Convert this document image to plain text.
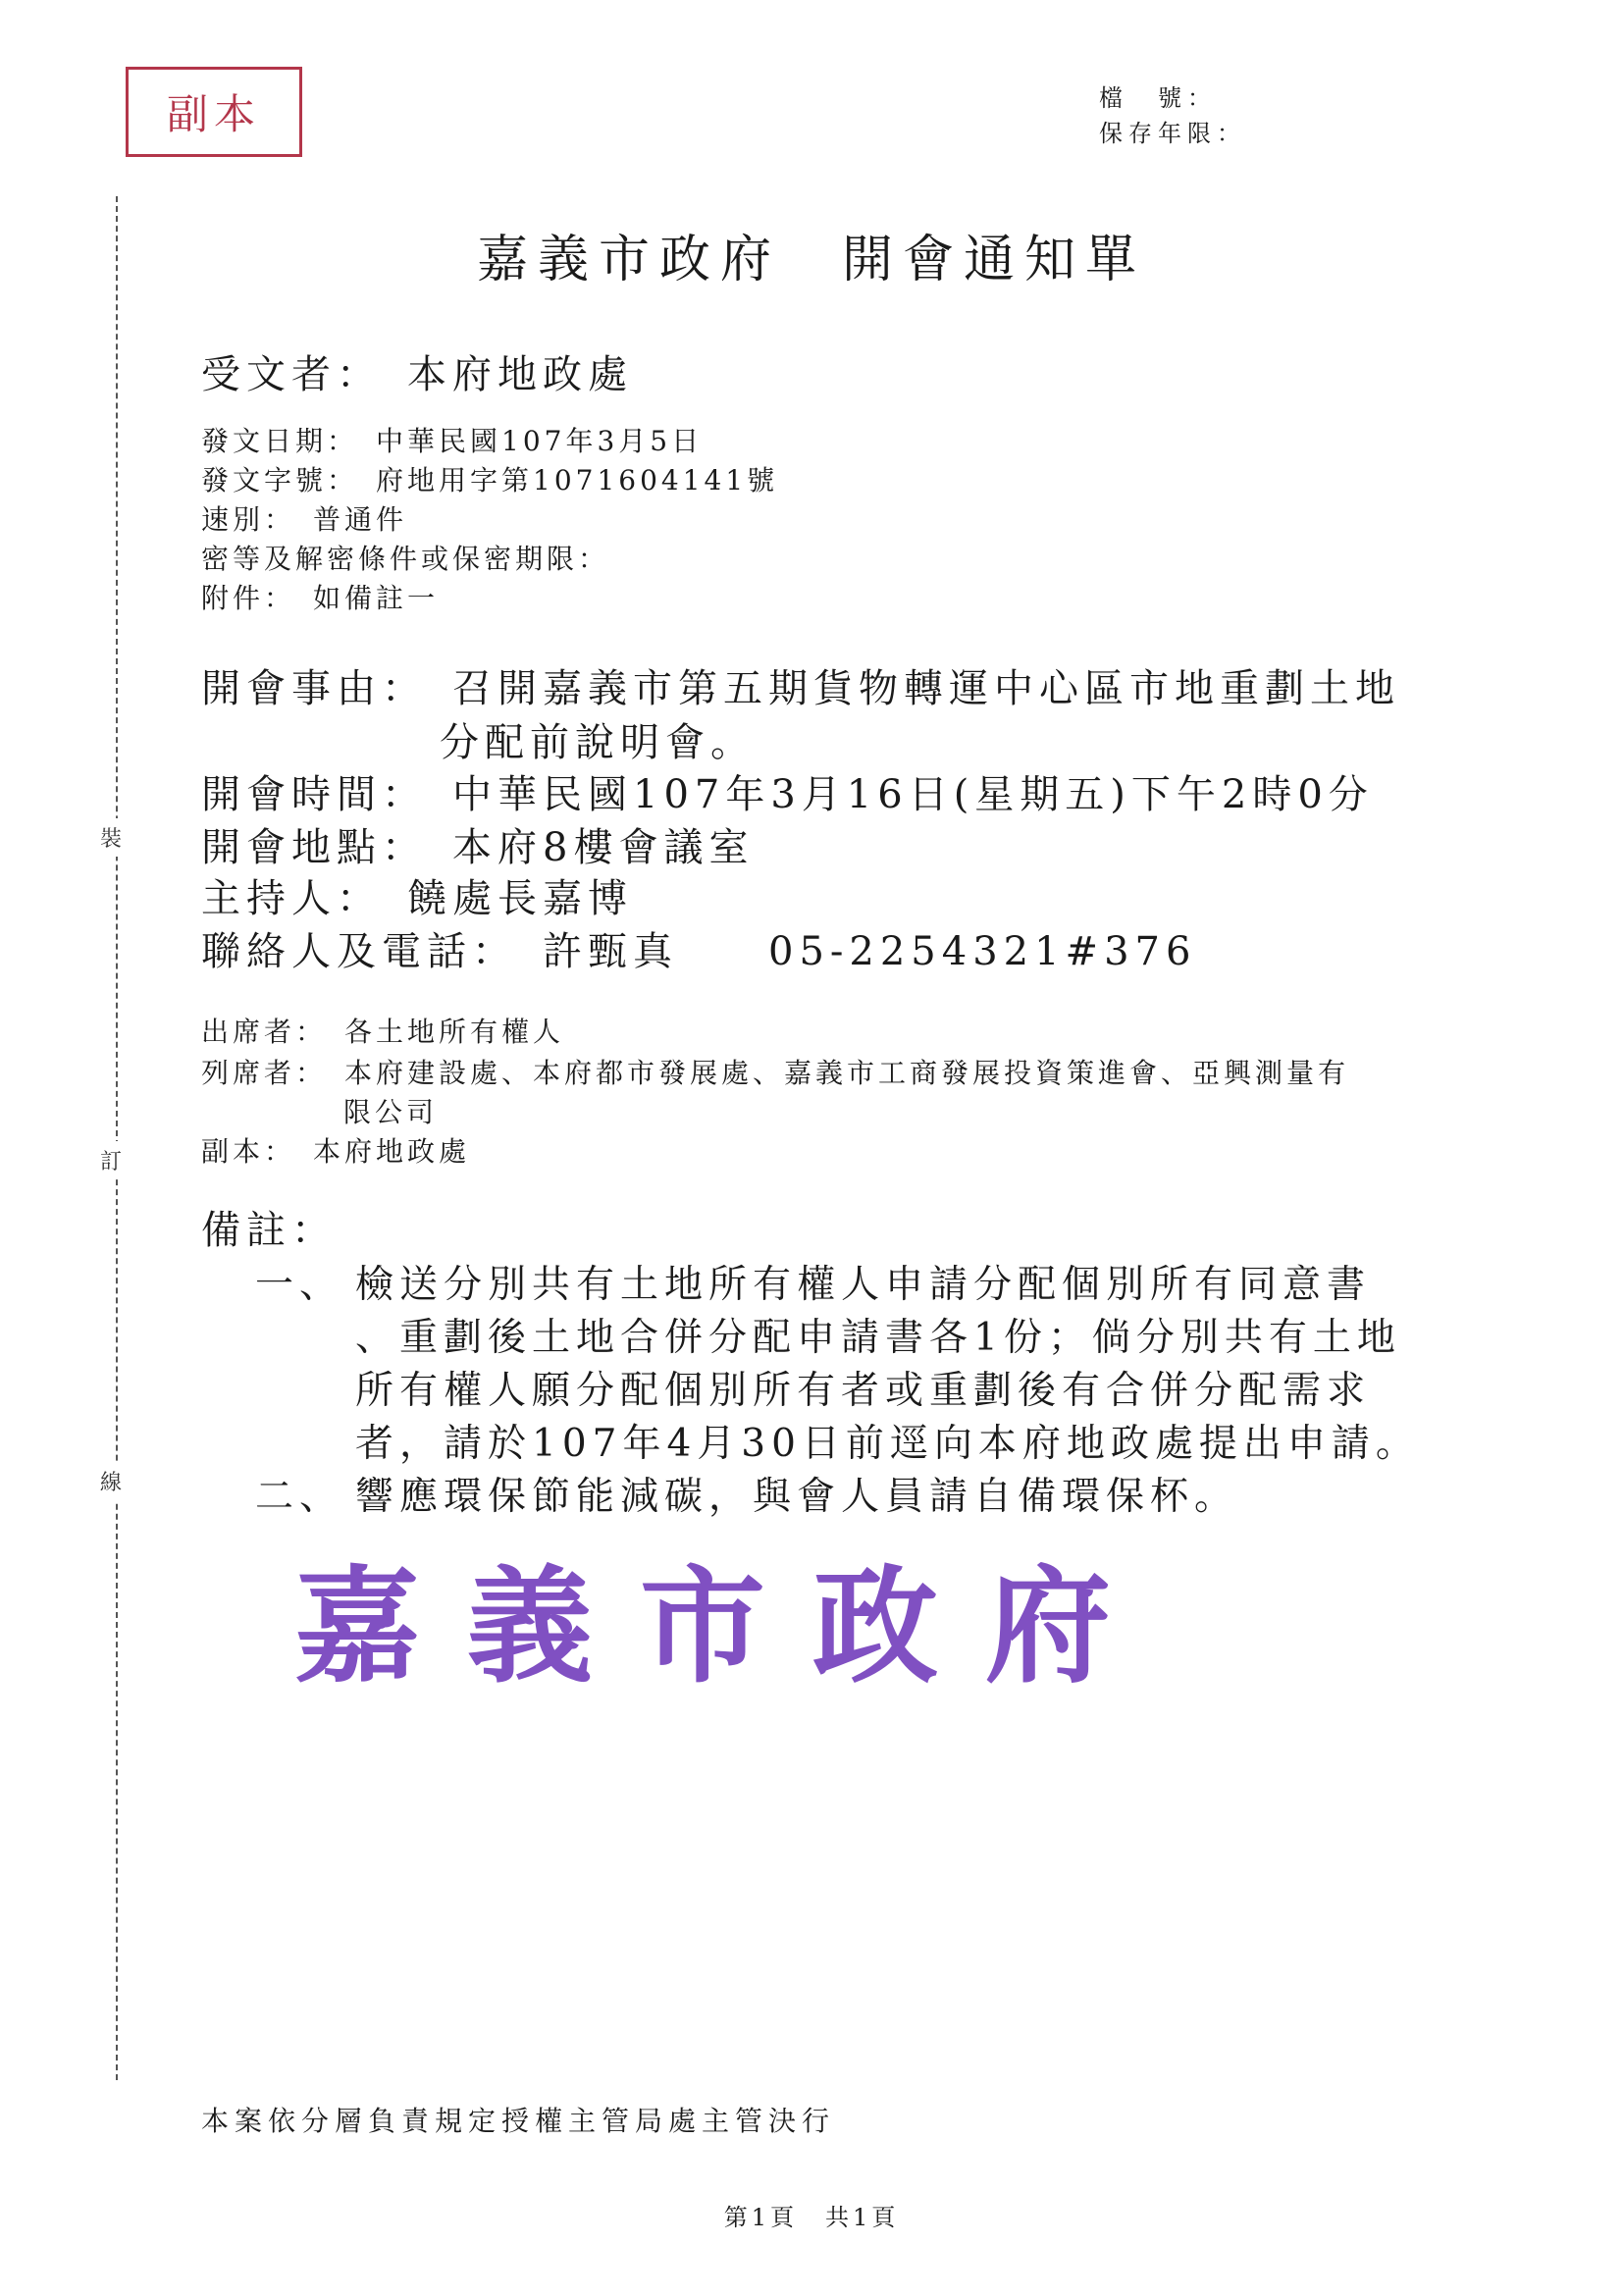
副本	檔　號：
保存年限：
裝
訂
線
嘉義市政府　開會通知單
受文者：　本府地政處
發文日期：　中華民國107年3月5日
發文字號：　府地用字第1071604141號
速別：　普通件
密等及解密條件或保密期限：
附件：　如備註一
開會事由：　召開嘉義市第五期貨物轉運中心區市地重劃土地
分配前說明會。
開會時間：　中華民國107年3月16日(星期五)下午2時0分
開會地點：　本府8樓會議室
主持人：　饒處長嘉博
聯絡人及電話：　許甄真　　05-2254321#376
出席者：　各土地所有權人
列席者：　本府建設處、本府都市發展處、嘉義市工商發展投資策進會、亞興測量有
限公司
副本：　本府地政處
備註：
一、 檢送分別共有土地所有權人申請分配個別所有同意書
、重劃後土地合併分配申請書各1份；倘分別共有土地
所有權人願分配個別所有者或重劃後有合併分配需求
者，請於107年4月30日前逕向本府地政處提出申請。
二、 響應環保節能減碳，與會人員請自備環保杯。
嘉義市政府
本案依分層負責規定授權主管局處主管決行
第1頁　共1頁
